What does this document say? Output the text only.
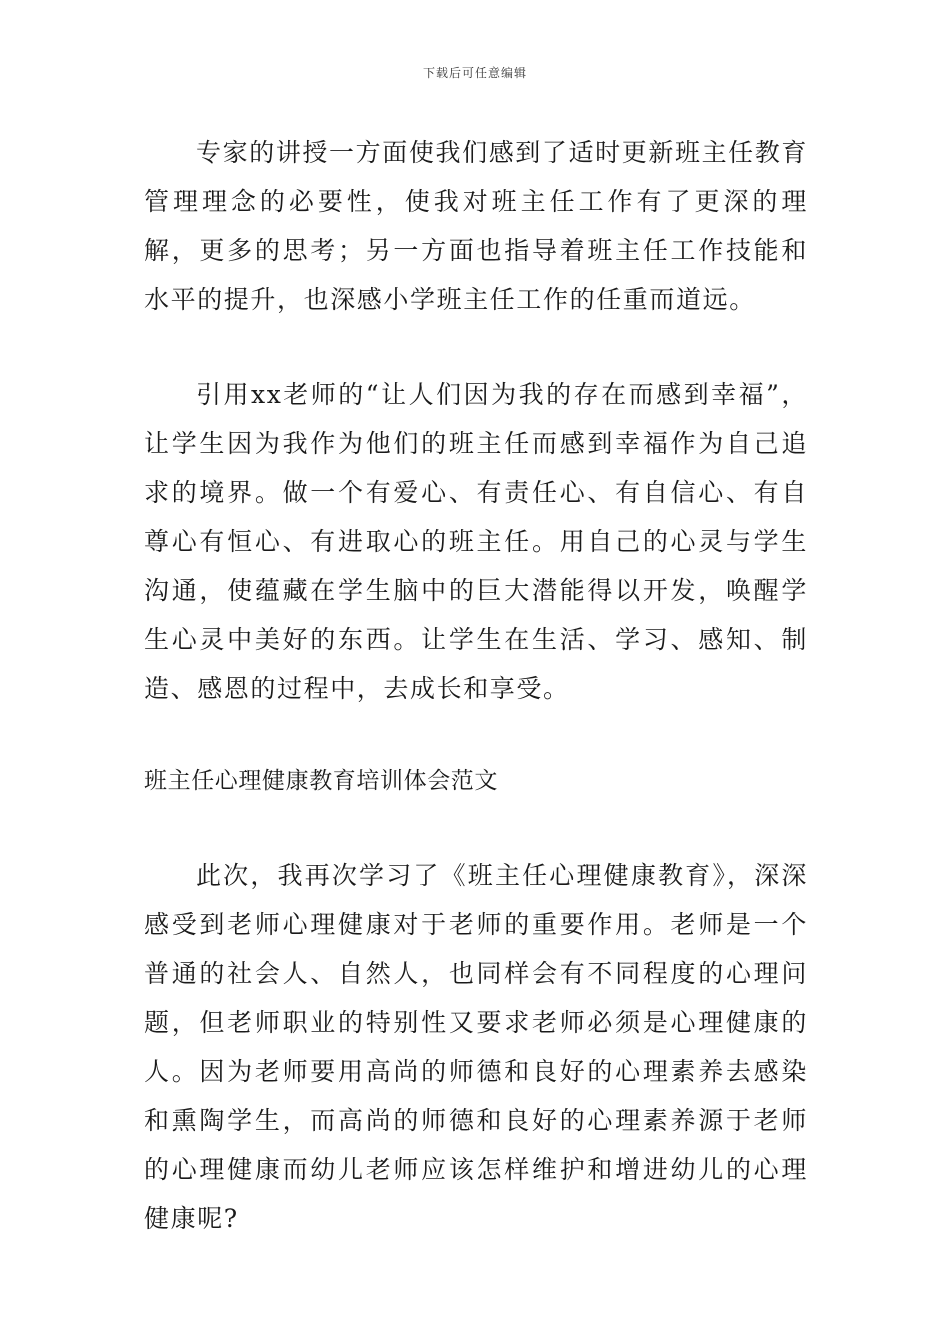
下载后可任意编辑

专家的讲授一方面使我们感到了适时更新班主任教育管理理念的必要性，使我对班主任工作有了更深的理解，更多的思考；另一方面也指导着班主任工作技能和水平的提升，也深感小学班主任工作的任重而道远。

引用xx老师的“让人们因为我的存在而感到幸福”，让学生因为我作为他们的班主任而感到幸福作为自己追求的境界。做一个有爱心、有责任心、有自信心、有自尊心有恒心、有进取心的班主任。用自己的心灵与学生沟通，使蕴藏在学生脑中的巨大潜能得以开发，唤醒学生心灵中美好的东西。让学生在生活、学习、感知、制造、感恩的过程中，去成长和享受。

班主任心理健康教育培训体会范文

此次，我再次学习了《班主任心理健康教育》，深深感受到老师心理健康对于老师的重要作用。老师是一个普通的社会人、自然人，也同样会有不同程度的心理问题，但老师职业的特别性又要求老师必须是心理健康的人。因为老师要用高尚的师德和良好的心理素养去感染和熏陶学生，而高尚的师德和良好的心理素养源于老师的心理健康而幼儿老师应该怎样维护和增进幼儿的心理健康呢?
